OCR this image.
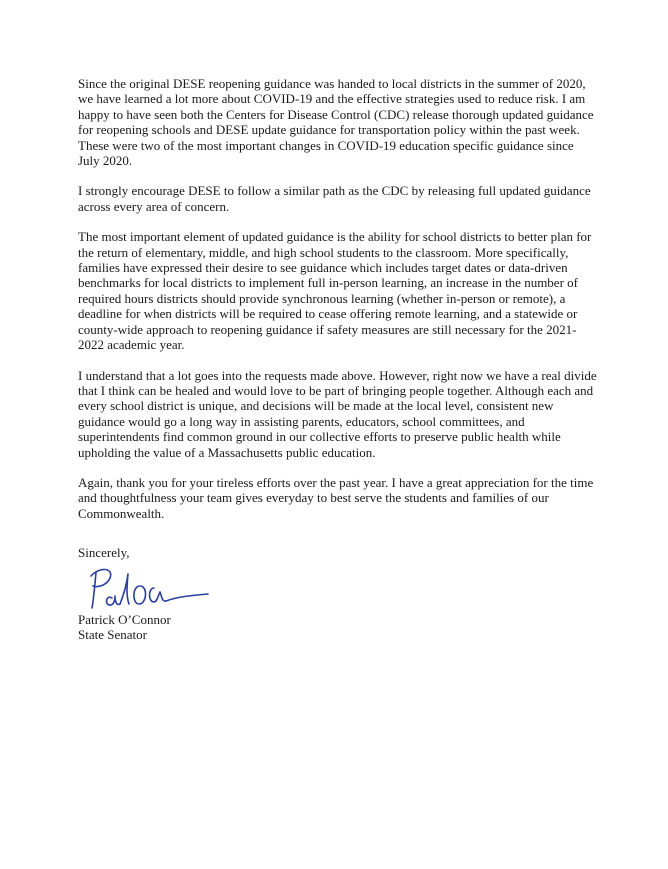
Since the original DESE reopening guidance was handed to local districts in the summer of 2020, we have learned a lot more about COVID-19 and the effective strategies used to reduce risk. I am happy to have seen both the Centers for Disease Control (CDC) release thorough updated guidance for reopening schools and DESE update guidance for transportation policy within the past week. These were two of the most important changes in COVID-19 education specific guidance since July 2020.

I strongly encourage DESE to follow a similar path as the CDC by releasing full updated guidance across every area of concern.

The most important element of updated guidance is the ability for school districts to better plan for the return of elementary, middle, and high school students to the classroom. More specifically, families have expressed their desire to see guidance which includes target dates or data-driven benchmarks for local districts to implement full in-person learning, an increase in the number of required hours districts should provide synchronous learning (whether in-person or remote), a deadline for when districts will be required to cease offering remote learning, and a statewide or county-wide approach to reopening guidance if safety measures are still necessary for the 2021-2022 academic year.

I understand that a lot goes into the requests made above. However, right now we have a real divide that I think can be healed and would love to be part of bringing people together. Although each and every school district is unique, and decisions will be made at the local level, consistent new guidance would go a long way in assisting parents, educators, school committees, and superintendents find common ground in our collective efforts to preserve public health while upholding the value of a Massachusetts public education.

Again, thank you for your tireless efforts over the past year. I have a great appreciation for the time and thoughtfulness your team gives everyday to best serve the students and families of our Commonwealth.

Sincerely,

Patrick O’Connor
State Senator
